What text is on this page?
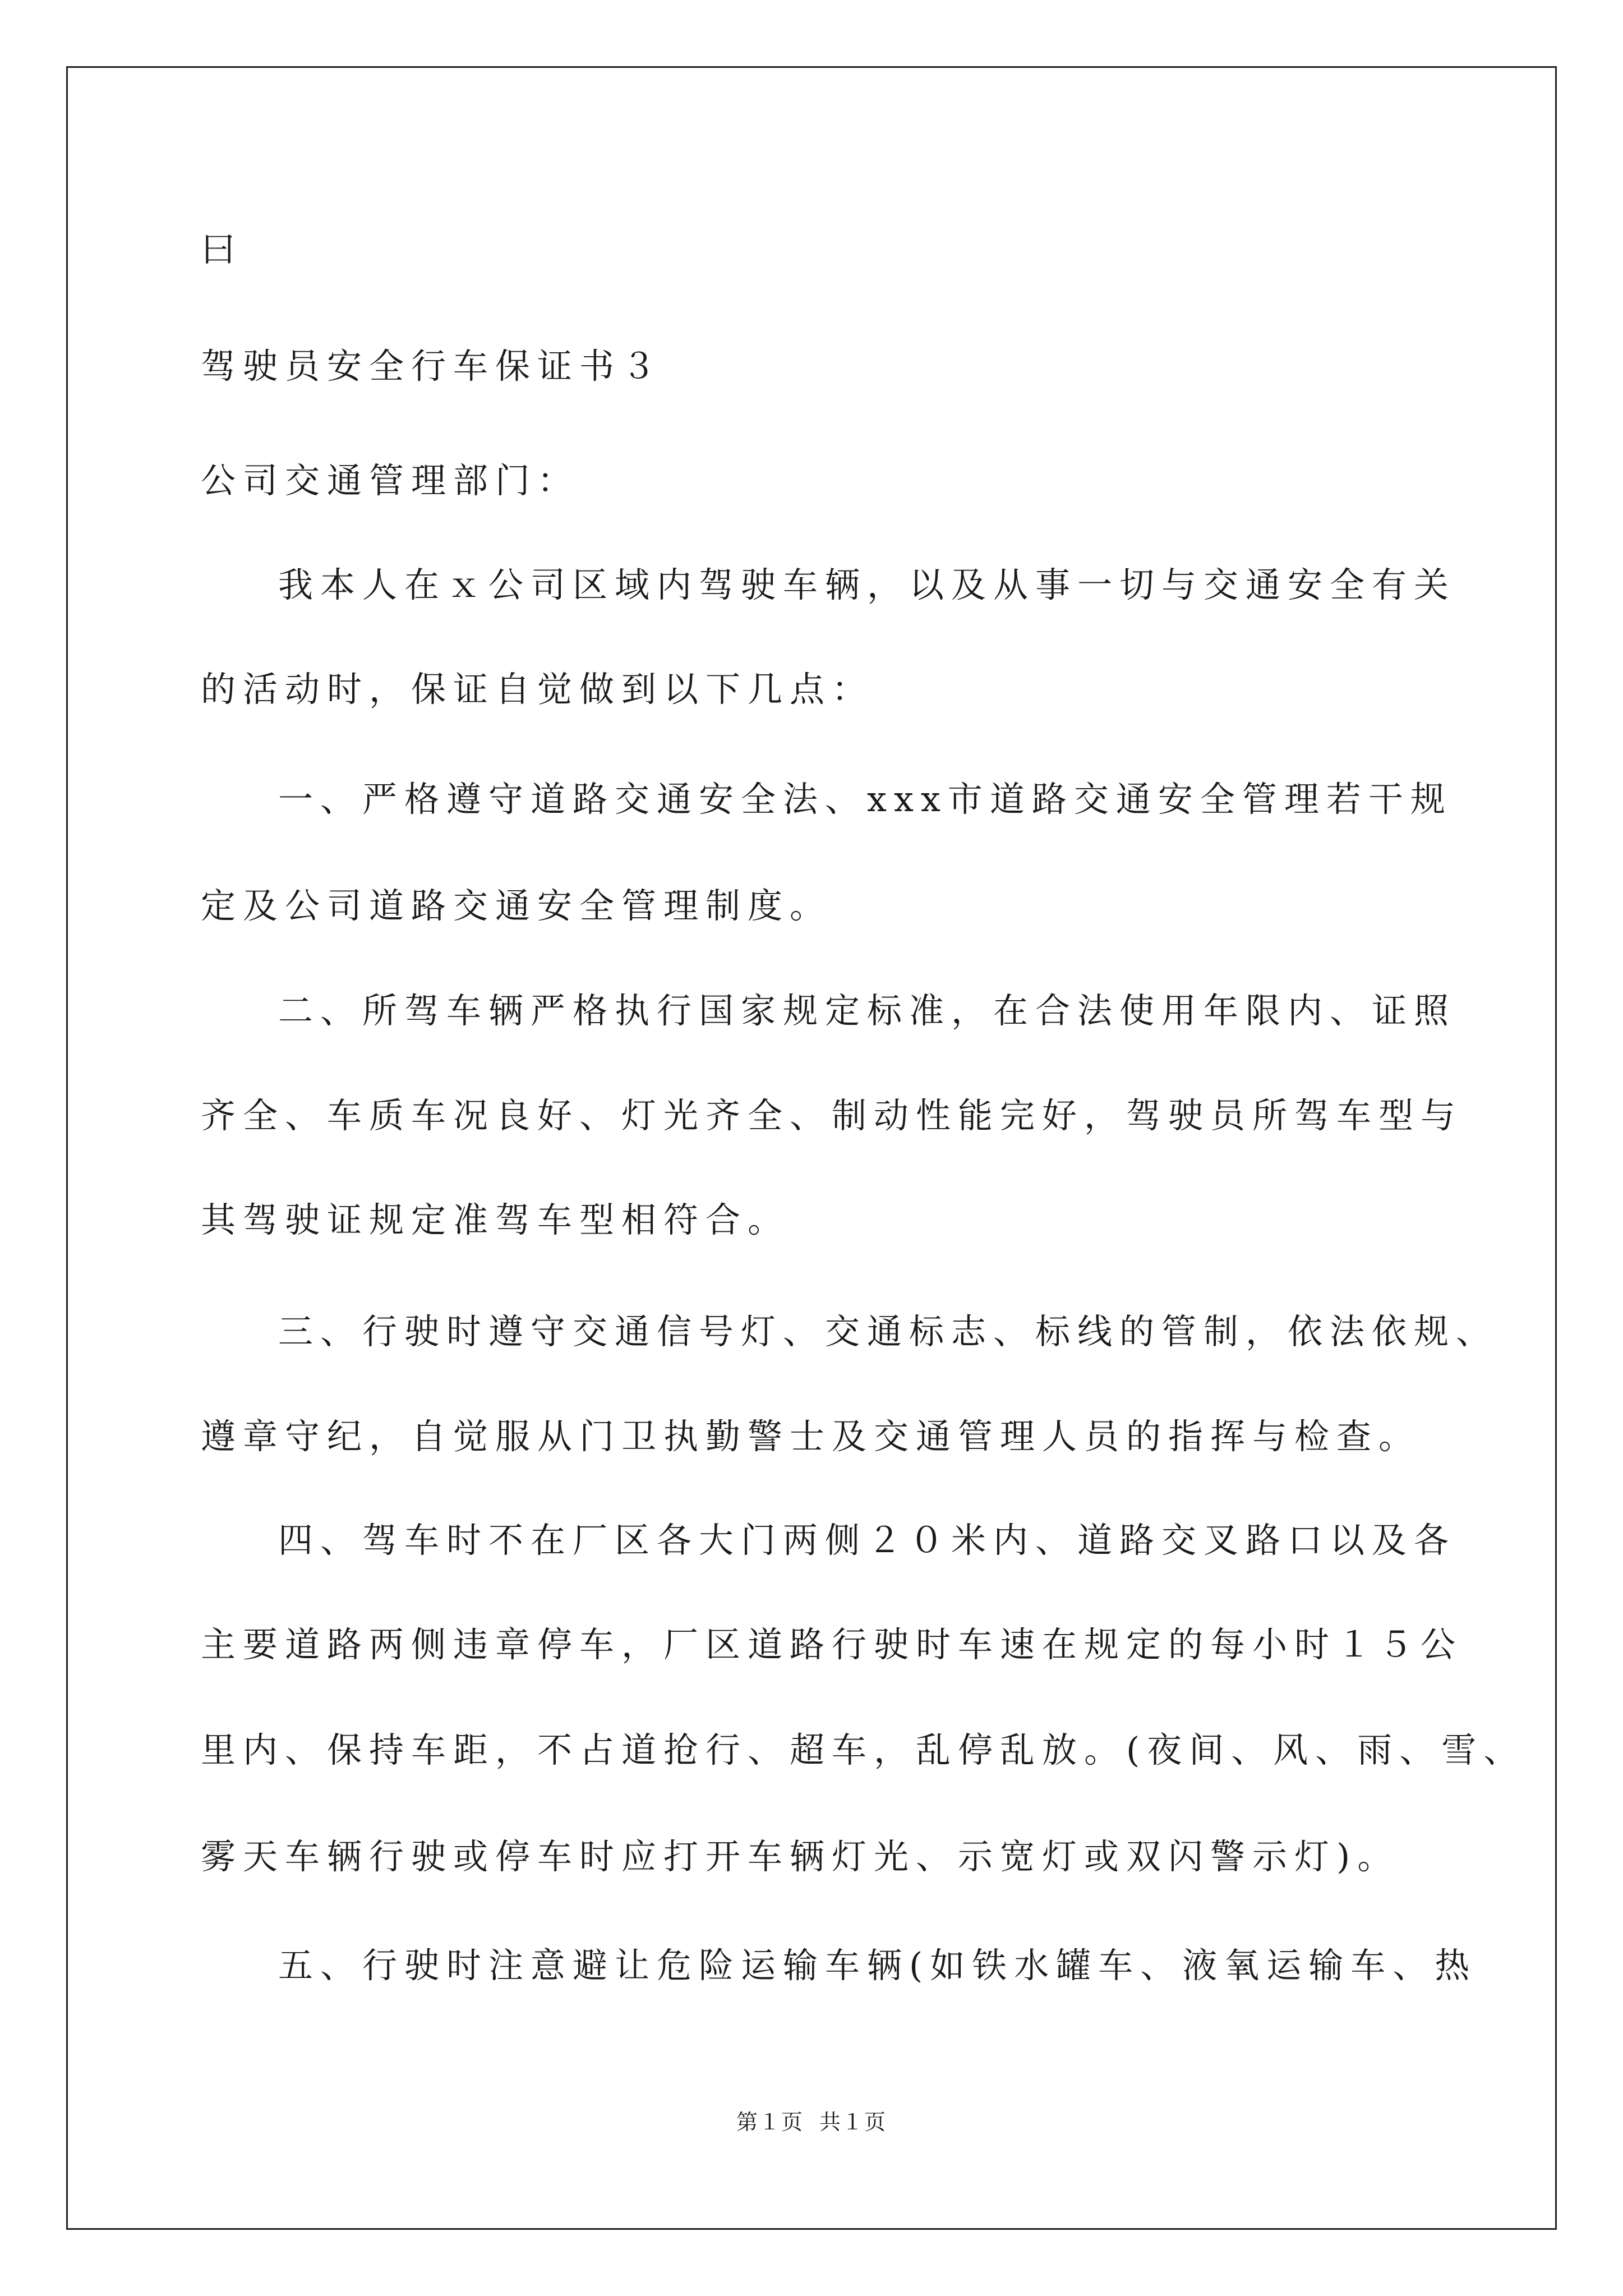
曰
驾驶员安全行车保证书３
公司交通管理部门：
我本人在ｘ公司区域内驾驶车辆，以及从事一切与交通安全有关
的活动时，保证自觉做到以下几点：
一、严格遵守道路交通安全法、xxx市道路交通安全管理若干规
定及公司道路交通安全管理制度。
二、所驾车辆严格执行国家规定标准，在合法使用年限内、证照
齐全、车质车况良好、灯光齐全、制动性能完好，驾驶员所驾车型与
其驾驶证规定准驾车型相符合。
三、行驶时遵守交通信号灯、交通标志、标线的管制，依法依规、
遵章守纪，自觉服从门卫执勤警士及交通管理人员的指挥与检查。
四、驾车时不在厂区各大门两侧２０米内、道路交叉路口以及各
主要道路两侧违章停车，厂区道路行驶时车速在规定的每小时１５公
里内、保持车距，不占道抢行、超车，乱停乱放。(夜间、风、雨、雪、
雾天车辆行驶或停车时应打开车辆灯光、示宽灯或双闪警示灯)。
五、行驶时注意避让危险运输车辆(如铁水罐车、液氧运输车、热
第１页 共１页
